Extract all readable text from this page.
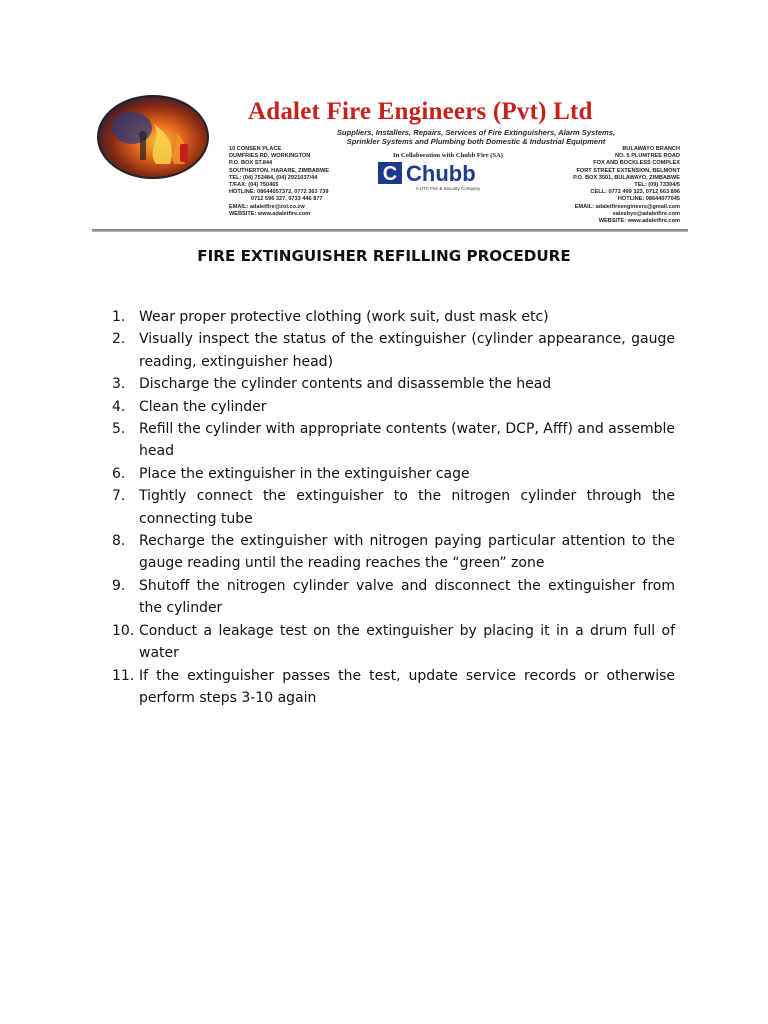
Adalet Fire Engineers (Pvt) Ltd
Suppliers, Installers, Repairs, Services of Fire Extinguishers, Alarm Systems,
Sprinkler Systems and Plumbing both Domestic & Industrial Equipment
10 CONSEN PLACE
DUMFRIES RD. WORKINGTON
P.O. BOX ST.844
SOUTHERTON, HARARE, ZIMBABWE
TEL: (04) 753484, (04) 2921037/44
T/FAX: (04) 750465
HOTLINE: 08644057372, 0772 363 739
0712 596 327, 0733 446 877
EMAIL: adaletfire@zol.co.zw
WEBSITE: www.adaletfire.com
In Collaboration with Chubb Fire (SA)
C Chubb
A UTC Fire & Security Company
BULAWAYO BRANCH
NO. 5 PLUMTREE ROAD
FOX AND BOCKLESS COMPLEX
FORT STREET EXTENSION, BELMONT
P.O. BOX 3501, BULAWAYO, ZIMBABWE
TEL: (09) 73304/5
CELL: 0772 499 323, 0712 663 896
HOTLINE: 08644077045
EMAIL: adaletfireengineers@gmail.com
salesbyo@adaletfire.com
WEBSITE: www.adaletfire.com
FIRE EXTINGUISHER REFILLING PROCEDURE
1. Wear proper protective clothing (work suit, dust mask etc)
2. Visually inspect the status of the extinguisher (cylinder appearance, gauge reading, extinguisher head)
3. Discharge the cylinder contents and disassemble the head
4. Clean the cylinder
5. Refill the cylinder with appropriate contents (water, DCP, Afff) and assemble head
6. Place the extinguisher in the extinguisher cage
7. Tightly connect the extinguisher to the nitrogen cylinder through the connecting tube
8. Recharge the extinguisher with nitrogen paying particular attention to the gauge reading until the reading reaches the “green” zone
9. Shutoff the nitrogen cylinder valve and disconnect the extinguisher from the cylinder
10. Conduct a leakage test on the extinguisher by placing it in a drum full of water
11. If the extinguisher passes the test, update service records or otherwise perform steps 3-10 again
